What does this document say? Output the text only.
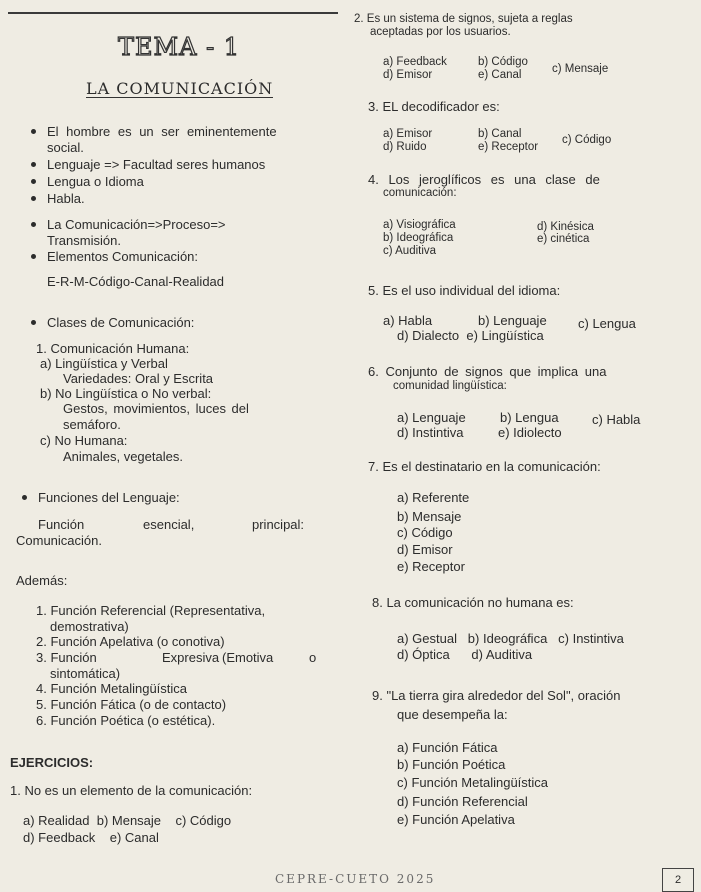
TEMA - 1
LA COMUNICACIÓN
El hombre es un ser eminentemente
social.
Lenguaje => Facultad seres humanos
Lengua o Idioma
Habla.
La Comunicación=>Proceso=>
Transmisión.
Elementos Comunicación:
E-R-M-Código-Canal-Realidad
Clases de Comunicación:
1. Comunicación Humana:
a) Lingüística y Verbal
Variedades: Oral y Escrita
b) No Lingüística o No verbal:
Gestos, movimientos, luces del
semáforo.
c) No Humana:
Animales, vegetales.
Funciones del Lenguaje:
Función	esencial,	principal:
Comunicación.
Además:
1. Función Referencial (Representativa,
demostrativa)
2. Función Apelativa (o conotiva)
3. Función	Expresiva (Emotiva	o
sintomática)
4. Función Metalingüística
5. Función Fática (o de contacto)
6. Función Poética (o estética).
EJERCICIOS:
1. No es un elemento de la comunicación:
a) Realidad  b) Mensaje    c) Código
d) Feedback    e) Canal
2. Es un sistema de signos, sujeta a reglas
aceptadas por los usuarios.
a) Feedback	b) Código
c) Mensaje
d) Emisor	e) Canal
3. EL decodificador es:
a) Emisor	b) Canal	c) Código
d) Ruido	e) Receptor
4. Los jeroglíficos es una clase de
comunicación:
a) Visiográfica	d) Kinésica
b) Ideográfica	e) cinética
c) Auditiva
5. Es el uso individual del idioma:
a) Habla	b) Lenguaje c) Lengua
d) Dialecto  e) Lingüística
6. Conjunto de signos que implica una
comunidad lingüística:
a) Lenguaje	b) Lengua	c) Habla
d) Instintiva	e) Idiolecto
7. Es el destinatario en la comunicación:
a) Referente
b) Mensaje
c) Código
d) Emisor
e) Receptor
8. La comunicación no humana es:
a) Gestual   b) Ideográfica   c) Instintiva
d) Óptica      d) Auditiva
9. "La tierra gira alrededor del Sol", oración
que desempeña la:
a) Función Fática
b) Función Poética
c) Función Metalingüística
d) Función Referencial
e) Función Apelativa
CEPRE-CUETO 2025	2
